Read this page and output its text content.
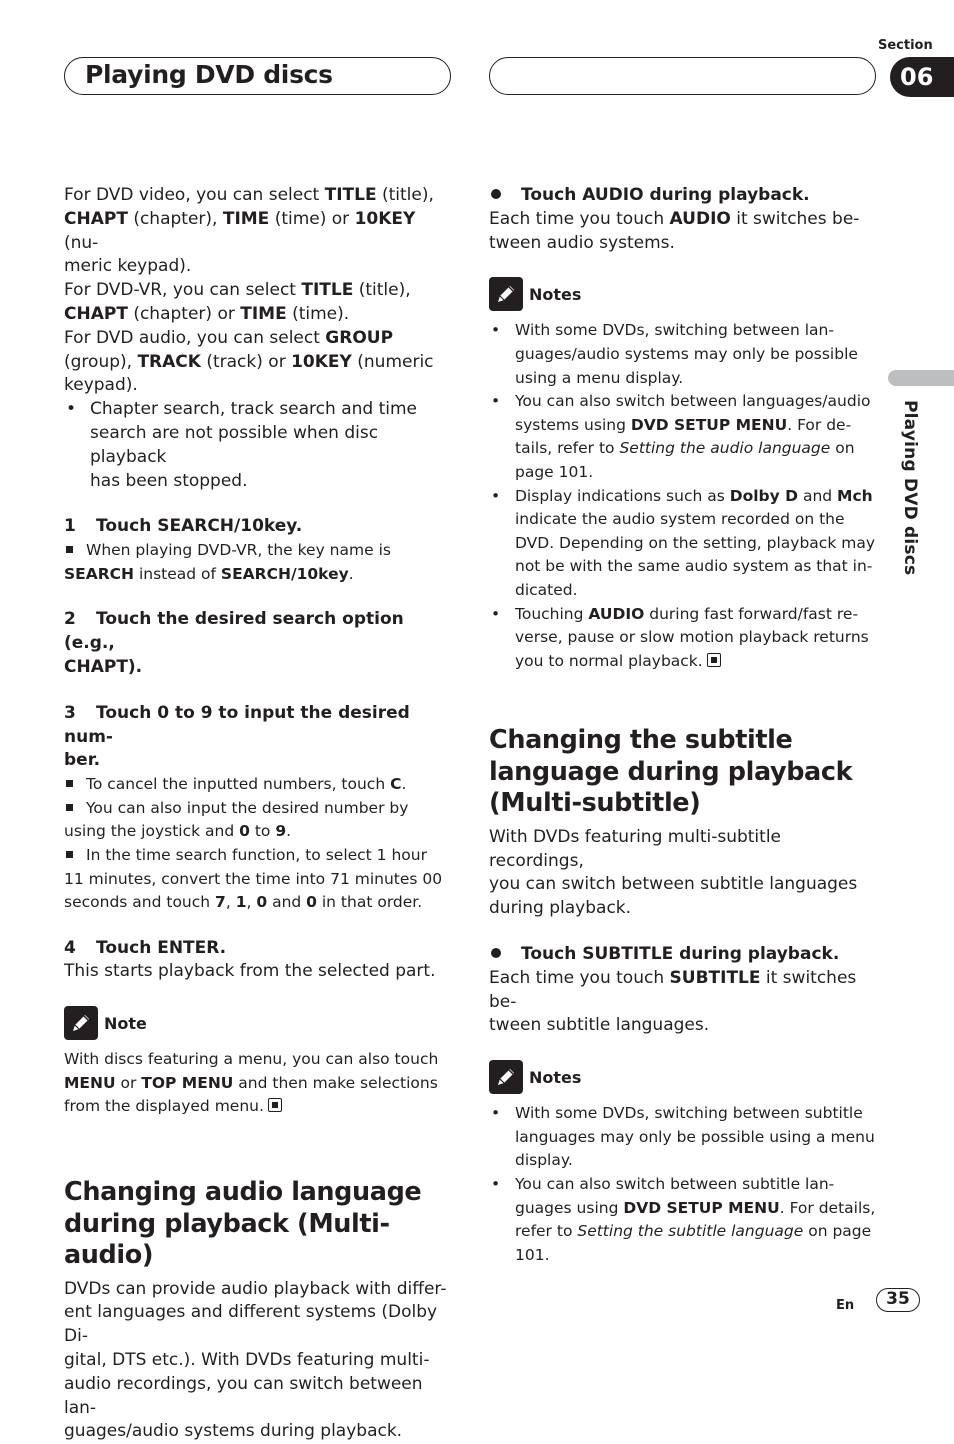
Playing DVD discs
Section
06
Playing DVD discs
For DVD video, you can select TITLE (title),
CHAPT (chapter), TIME (time) or 10KEY (nu-
meric keypad).
For DVD-VR, you can select TITLE (title),
CHAPT (chapter) or TIME (time).
For DVD audio, you can select GROUP
(group), TRACK (track) or 10KEY (numeric
keypad).
• Chapter search, track search and time
search are not possible when disc playback
has been stopped.
1 Touch SEARCH/10key.
When playing DVD-VR, the key name is
SEARCH instead of SEARCH/10key.
2 Touch the desired search option (e.g.,
CHAPT).
3 Touch 0 to 9 to input the desired num-
ber.
To cancel the inputted numbers, touch C.
You can also input the desired number by
using the joystick and 0 to 9.
In the time search function, to select 1 hour
11 minutes, convert the time into 71 minutes 00
seconds and touch 7, 1, 0 and 0 in that order.
4 Touch ENTER.
This starts playback from the selected part.
Note
With discs featuring a menu, you can also touch
MENU or TOP MENU and then make selections
from the displayed menu.
Changing audio language
during playback (Multi-audio)
DVDs can provide audio playback with differ-
ent languages and different systems (Dolby Di-
gital, DTS etc.). With DVDs featuring multi-
audio recordings, you can switch between lan-
guages/audio systems during playback.
Touch AUDIO during playback.
Each time you touch AUDIO it switches be-
tween audio systems.
Notes
• With some DVDs, switching between lan-
guages/audio systems may only be possible
using a menu display.
• You can also switch between languages/audio
systems using DVD SETUP MENU. For de-
tails, refer to Setting the audio language on
page 101.
• Display indications such as Dolby D and Mch
indicate the audio system recorded on the
DVD. Depending on the setting, playback may
not be with the same audio system as that in-
dicated.
• Touching AUDIO during fast forward/fast re-
verse, pause or slow motion playback returns
you to normal playback.
Changing the subtitle
language during playback
(Multi-subtitle)
With DVDs featuring multi-subtitle recordings,
you can switch between subtitle languages
during playback.
Touch SUBTITLE during playback.
Each time you touch SUBTITLE it switches be-
tween subtitle languages.
Notes
• With some DVDs, switching between subtitle
languages may only be possible using a menu
display.
• You can also switch between subtitle lan-
guages using DVD SETUP MENU. For details,
refer to Setting the subtitle language on page
101.
En	35
